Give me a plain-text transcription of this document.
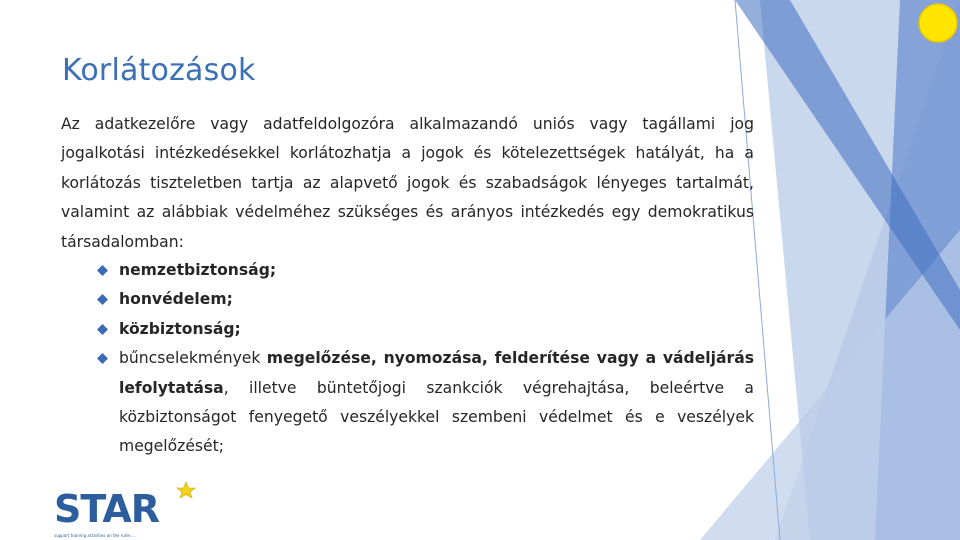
Korlátozások

Az adatkezelőre vagy adatfeldolgozóra alkalmazandó uniós vagy tagállami jog jogalkotási intézkedésekkel korlátozhatja a jogok és kötelezettségek hatályát, ha a korlátozás tiszteletben tartja az alapvető jogok és szabadságok lényeges tartalmát, valamint az alábbiak védelméhez szükséges és arányos intézkedés egy demokratikus társadalomban:

nemzetbiztonság;
honvédelem;
közbiztonság;
bűncselekmények megelőzése, nyomozása, felderítése vagy a vádeljárás lefolytatása, illetve büntetőjogi szankciók végrehajtása, beleértve a közbiztonságot fenyegető veszélyekkel szembeni védelmet és e veszélyek megelőzését;
STAR
support training activities on the rules ...
